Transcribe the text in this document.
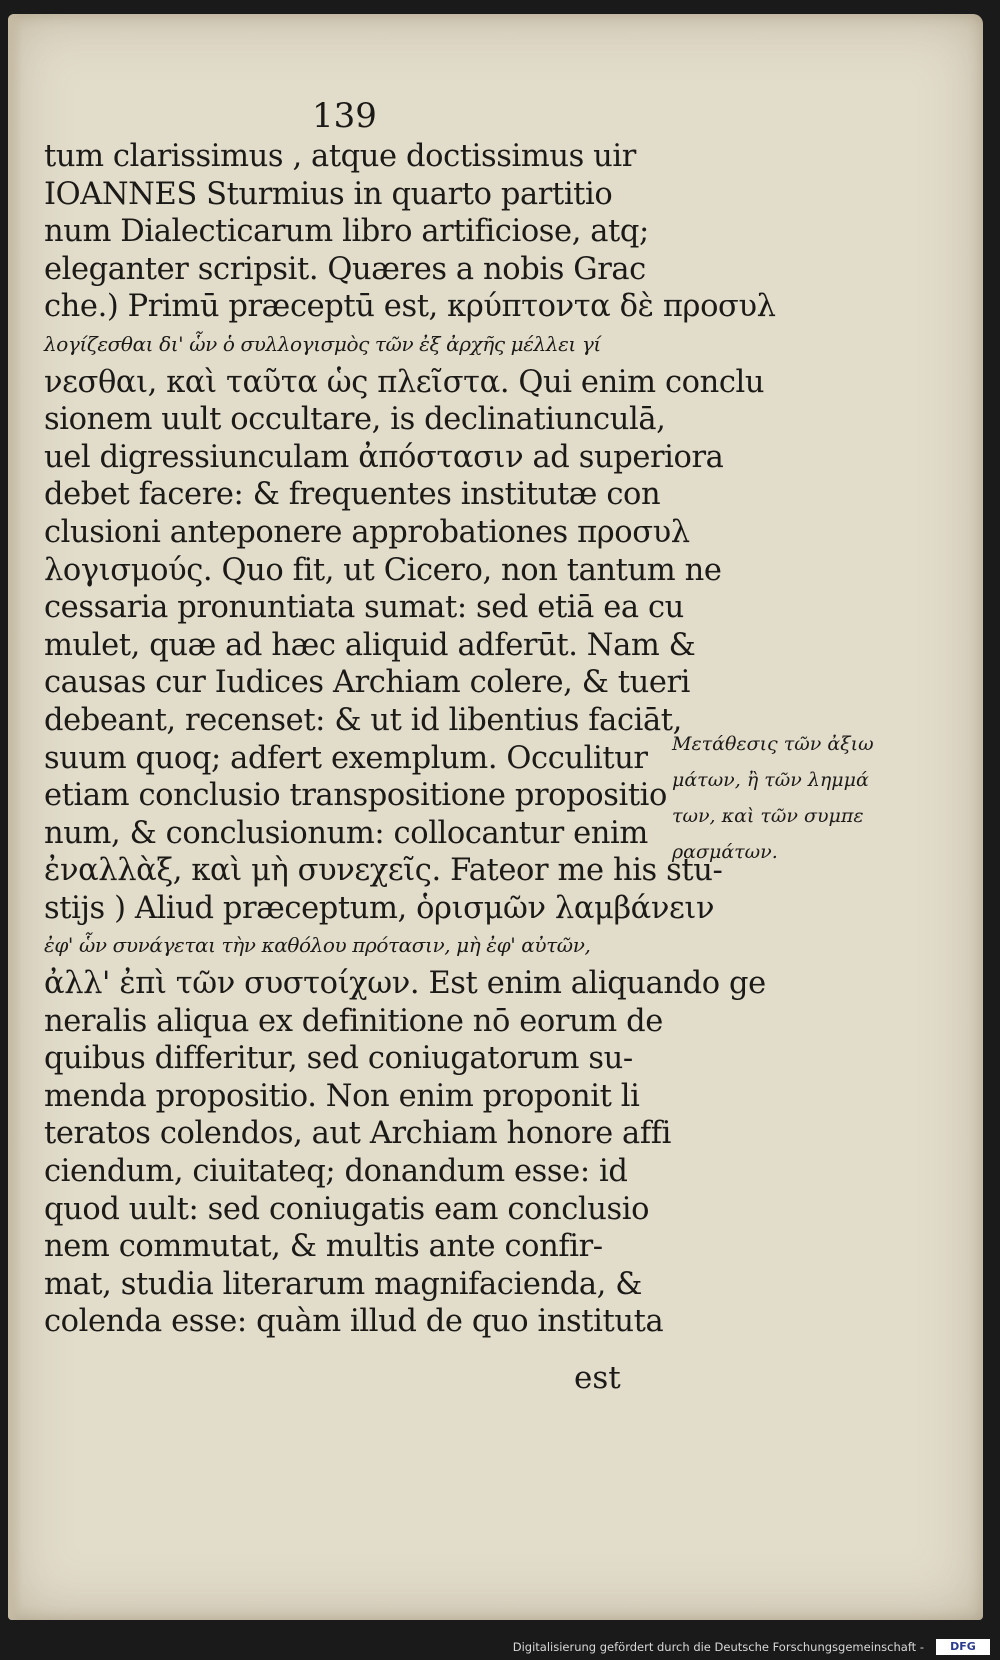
139
tum clarissimus , atque doctissimus uir
IOANNES Sturmius in quarto partitio
num Dialecticarum libro artificiose, atq;
eleganter scripsit. Quæres a nobis Grac
che.) Primū præceptū est, κρύπτοντα δὲ προσυλ
λογίζεσθαι δι' ὧν ὁ συλλογισμὸς τῶν ἐξ ἀρχῆς μέλλει γί
νεσθαι, καὶ ταῦτα ὡς πλεῖστα. Qui enim conclu
sionem uult occultare, is declinatiunculā,
uel digressiunculam ἀπόστασιν ad superiora
debet facere: & frequentes institutæ con
clusioni anteponere approbationes προσυλ
λογισμούς. Quo fit, ut Cicero, non tantum ne
cessaria pronuntiata sumat: sed etiā ea cu
mulet, quæ ad hæc aliquid adferūt. Nam &
causas cur Iudices Archiam colere, & tueri
debeant, recenset: & ut id libentius faciāt,
suum quoq; adfert exemplum. Occulitur
etiam conclusio transpositione propositio
num, & conclusionum: collocantur enim
ἐναλλὰξ, καὶ μὴ συνεχεῖς. Fateor me his stu-
stijs ) Aliud præceptum, ὁρισμῶν λαμβάνειν
ἐφ' ὧν συνάγεται τὴν καθόλου πρότασιν, μὴ ἐφ' αὐτῶν,
ἀλλ' ἐπὶ τῶν συστοίχων. Est enim aliquando ge
neralis aliqua ex definitione nō eorum de
quibus differitur, sed coniugatorum su-
menda propositio. Non enim proponit li
teratos colendos, aut Archiam honore affi
ciendum, ciuitateq; donandum esse: id
quod uult: sed coniugatis eam conclusio
nem commutat, & multis ante confir-
mat, studia literarum magnifacienda, &
colenda esse: quàm illud de quo instituta
est
Μετάθεσις τῶν ἀξιω
μάτων, ἢ τῶν λημμά
των, καὶ τῶν συμπε
ρασμάτων.
Digitalisierung gefördert durch die Deutsche Forschungsgemeinschaft -	DFG
